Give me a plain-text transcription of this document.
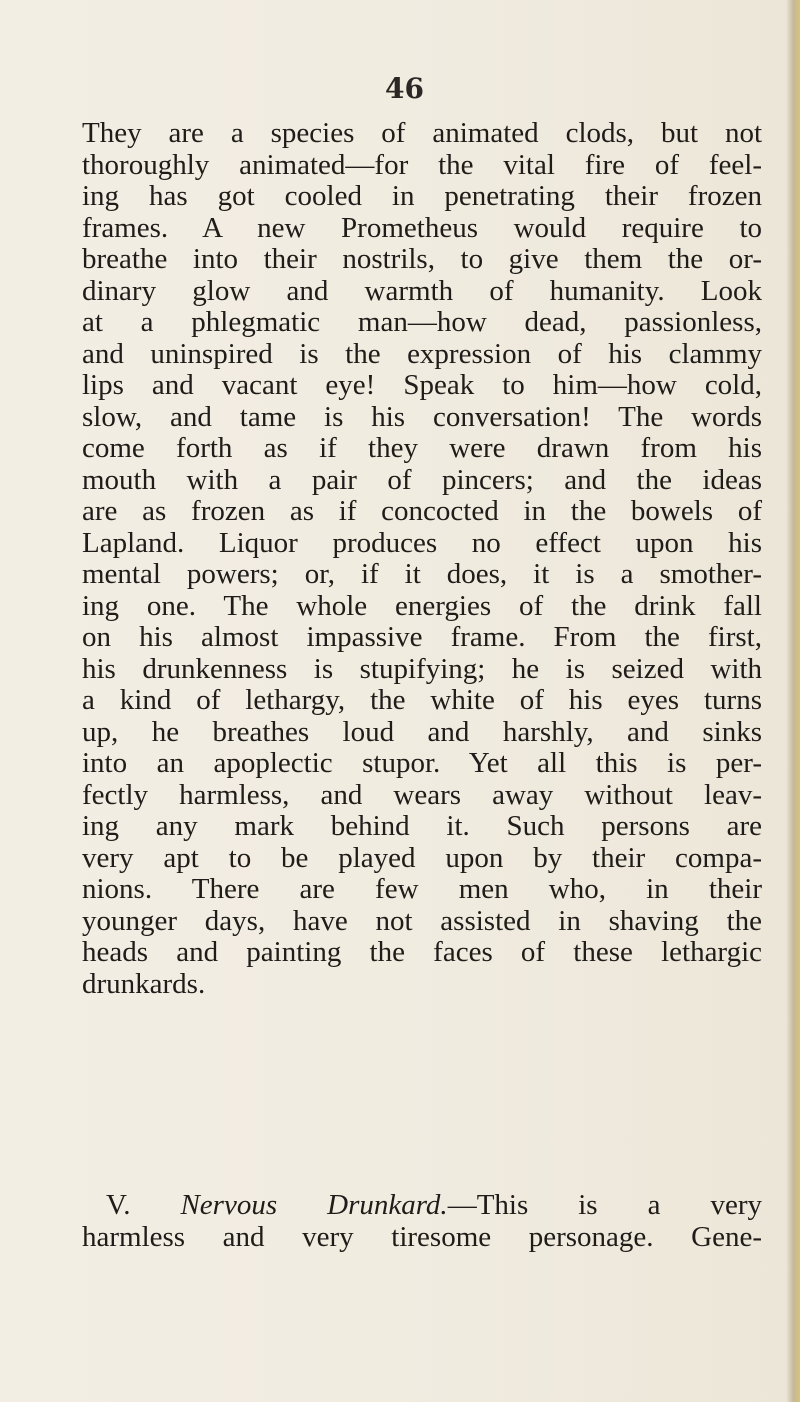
46
They are a species of animated clods, but not
thoroughly animated—for the vital fire of feel-
ing has got cooled in penetrating their frozen
frames. A new Prometheus would require to
breathe into their nostrils, to give them the or-
dinary glow and warmth of humanity. Look
at a phlegmatic man—how dead, passionless,
and uninspired is the expression of his clammy
lips and vacant eye! Speak to him—how cold,
slow, and tame is his conversation! The words
come forth as if they were drawn from his
mouth with a pair of pincers; and the ideas
are as frozen as if concocted in the bowels of
Lapland. Liquor produces no effect upon his
mental powers; or, if it does, it is a smother-
ing one. The whole energies of the drink fall
on his almost impassive frame. From the first,
his drunkenness is stupifying; he is seized with
a kind of lethargy, the white of his eyes turns
up, he breathes loud and harshly, and sinks
into an apoplectic stupor. Yet all this is per-
fectly harmless, and wears away without leav-
ing any mark behind it. Such persons are
very apt to be played upon by their compa-
nions. There are few men who, in their
younger days, have not assisted in shaving the
heads and painting the faces of these lethargic
drunkards.
V. Nervous Drunkard.—This is a very
harmless and very tiresome personage. Gene-
